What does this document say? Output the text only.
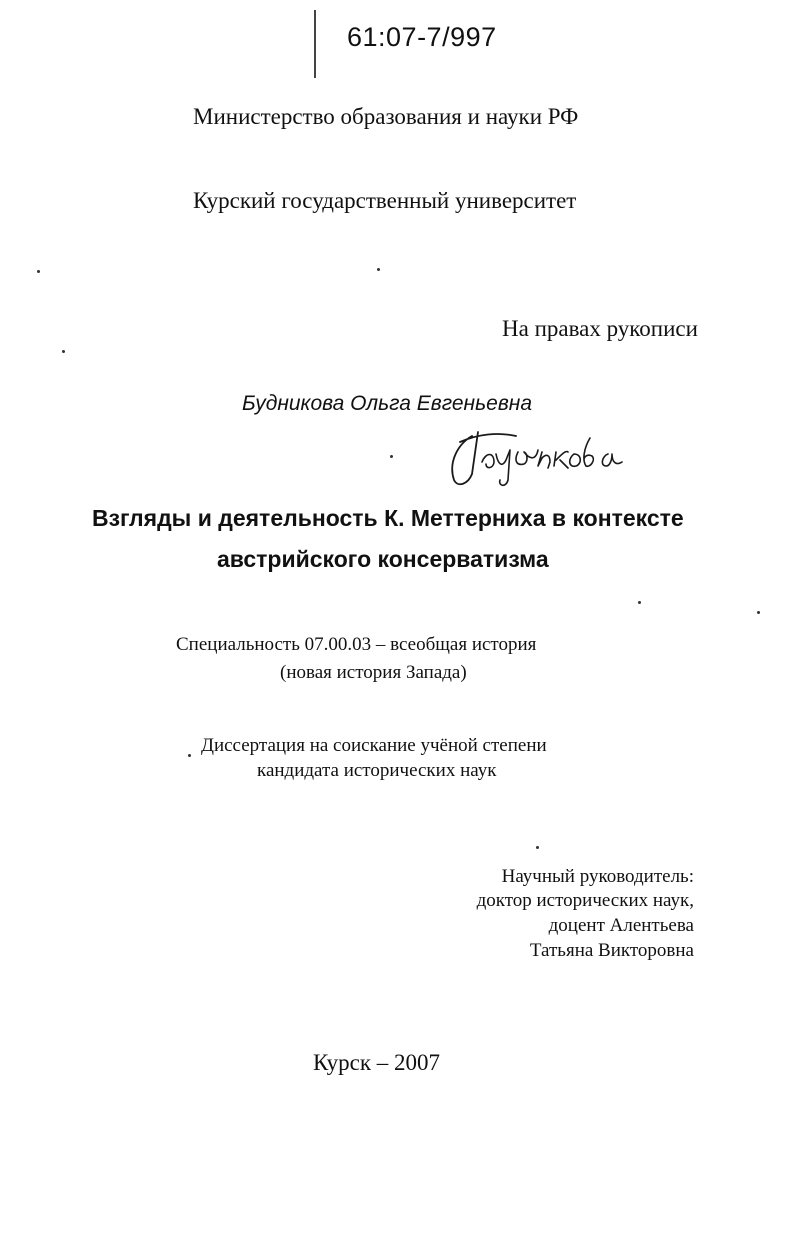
61:07-7/997
Министерство образования и науки РФ
Курский государственный университет
На правах рукописи
Будникова Ольга Евгеньевна
Взгляды и деятельность К. Меттерниха в контексте
австрийского консерватизма
Специальность 07.00.03 – всеобщая история
(новая история Запада)
Диссертация на соискание учёной степени
кандидата исторических наук
Научный руководитель:
доктор исторических наук,
доцент Алентьева
Татьяна Викторовна
Курск – 2007
